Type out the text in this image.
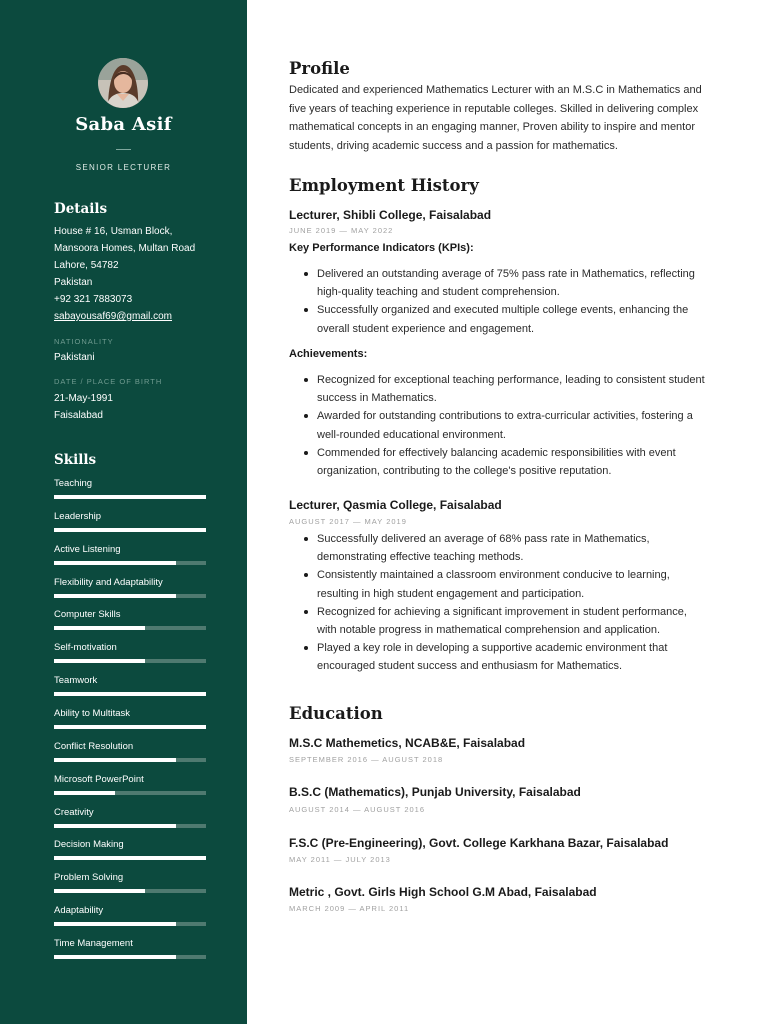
Saba Asif
SENIOR LECTURER
Details
House # 16, Usman Block,
Mansoora Homes, Multan Road
Lahore, 54782
Pakistan
+92 321 7883073
sabayousaf69@gmail.com
NATIONALITY
Pakistani
DATE / PLACE OF BIRTH
21-May-1991
Faisalabad
Skills
Teaching
Leadership
Active Listening
Flexibility and Adaptability
Computer Skills
Self-motivation
Teamwork
Ability to Multitask
Conflict Resolution
Microsoft PowerPoint
Creativity
Decision Making
Problem Solving
Adaptability
Time Management
Profile
Dedicated and experienced Mathematics Lecturer with an M.S.C in Mathematics and
five years of teaching experience in reputable colleges. Skilled in delivering complex
mathematical concepts in an engaging manner, Proven ability to inspire and mentor
students, driving academic success and a passion for mathematics.
Employment History
Lecturer, Shibli College, Faisalabad
JUNE 2019 — MAY 2022
Key Performance Indicators (KPIs):
Delivered an outstanding average of 75% pass rate in Mathematics, reflecting
high-quality teaching and student comprehension.
Successfully organized and executed multiple college events, enhancing the
overall student experience and engagement.
Achievements:
Recognized for exceptional teaching performance, leading to consistent student
success in Mathematics.
Awarded for outstanding contributions to extra-curricular activities, fostering a
well-rounded educational environment.
Commended for effectively balancing academic responsibilities with event
organization, contributing to the college's positive reputation.
Lecturer, Qasmia College, Faisalabad
AUGUST 2017 — MAY 2019
Successfully delivered an average of 68% pass rate in Mathematics,
demonstrating effective teaching methods.
Consistently maintained a classroom environment conducive to learning,
resulting in high student engagement and participation.
Recognized for achieving a significant improvement in student performance,
with notable progress in mathematical comprehension and application.
Played a key role in developing a supportive academic environment that
encouraged student success and enthusiasm for Mathematics.
Education
M.S.C Mathemetics, NCAB&E, Faisalabad
SEPTEMBER 2016 — AUGUST 2018
B.S.C (Mathematics), Punjab University, Faisalabad
AUGUST 2014 — AUGUST 2016
F.S.C (Pre-Engineering), Govt. College Karkhana Bazar, Faisalabad
MAY 2011 — JULY 2013
Metric , Govt. Girls High School G.M Abad, Faisalabad
MARCH 2009 — APRIL 2011
